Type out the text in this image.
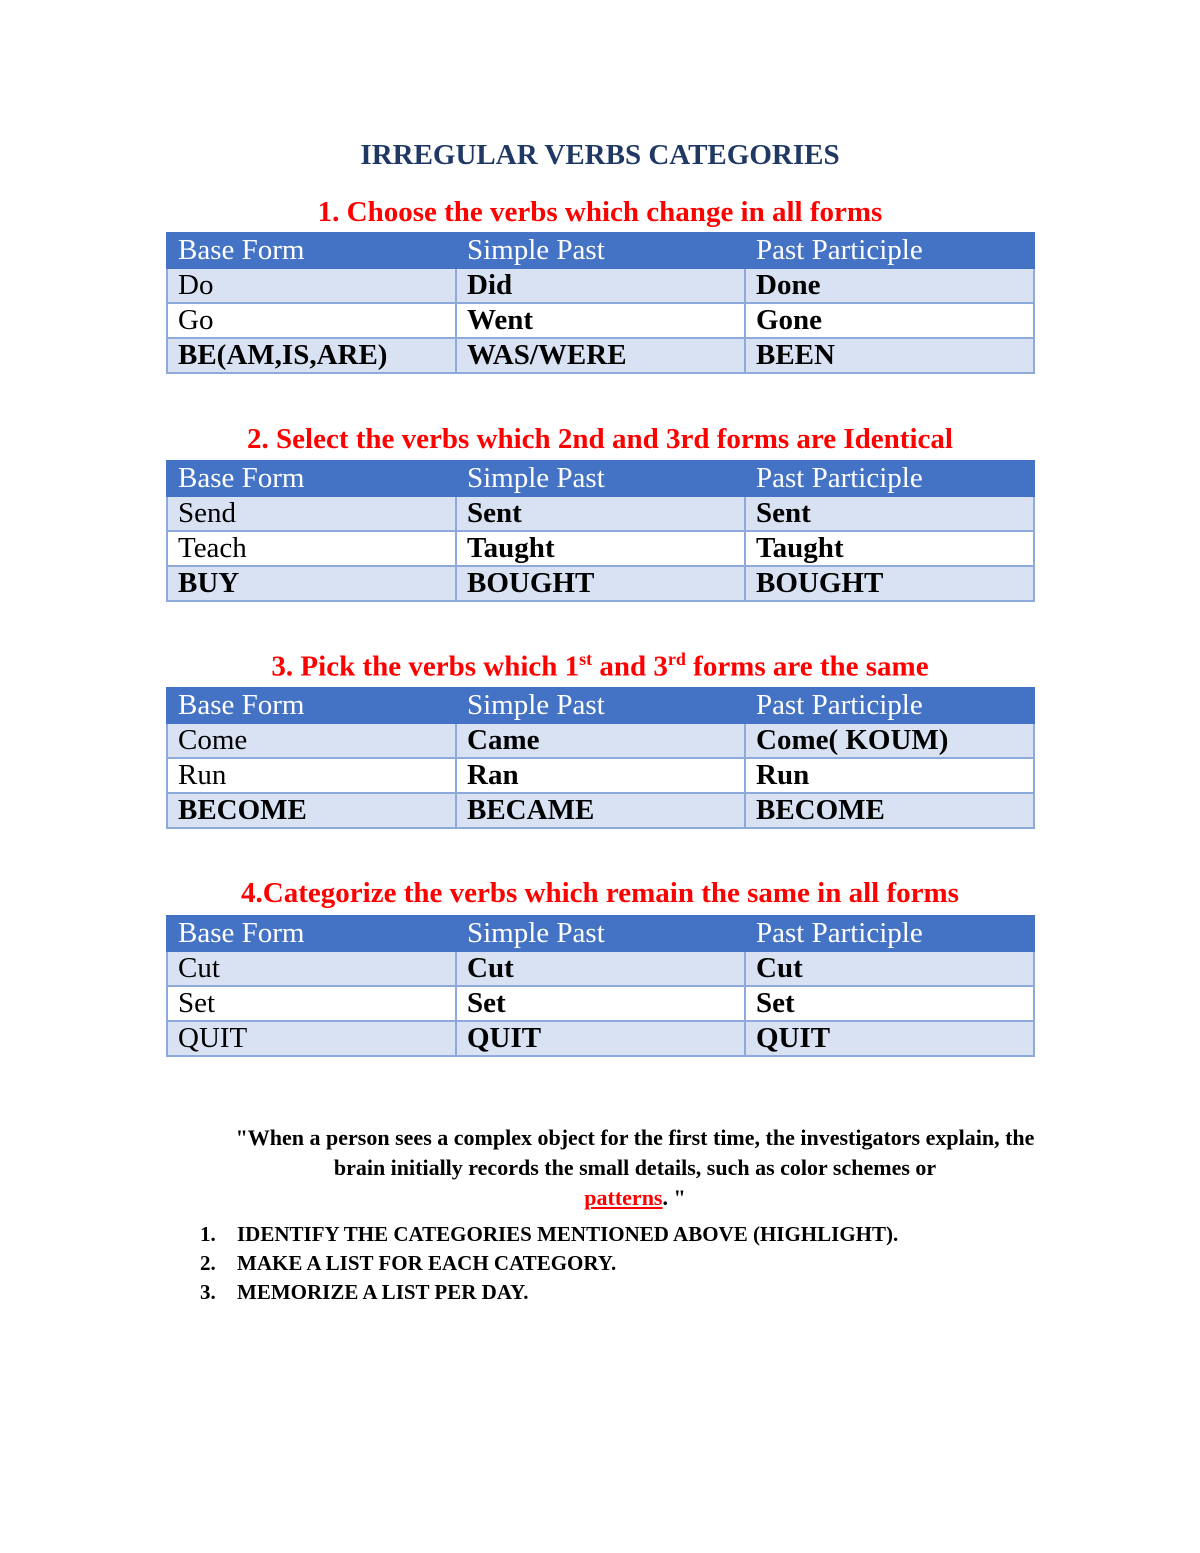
IRREGULAR VERBS CATEGORIES
1. Choose the verbs which change in all forms
Base Form	Simple Past	Past Participle
Do	Did	Done
Go	Went	Gone
BE(AM,IS,ARE)	WAS/WERE	BEEN
2. Select the verbs which 2nd and 3rd forms are Identical
Base Form	Simple Past	Past Participle
Send	Sent	Sent
Teach	Taught	Taught
BUY	BOUGHT	BOUGHT
3. Pick the verbs which 1st and 3rd forms are the same
Base Form	Simple Past	Past Participle
Come	Came	Come( KOUM)
Run	Ran	Run
BECOME	BECAME	BECOME
4.Categorize the verbs which remain the same in all forms
Base Form	Simple Past	Past Participle
Cut	Cut	Cut
Set	Set	Set
QUIT	QUIT	QUIT

"When a person sees a complex object for the first time, the investigators explain, the brain initially records the small details, such as color schemes or
patterns. "

1. IDENTIFY THE CATEGORIES MENTIONED ABOVE (HIGHLIGHT).
2. MAKE A LIST FOR EACH CATEGORY.
3. MEMORIZE A LIST PER DAY.
